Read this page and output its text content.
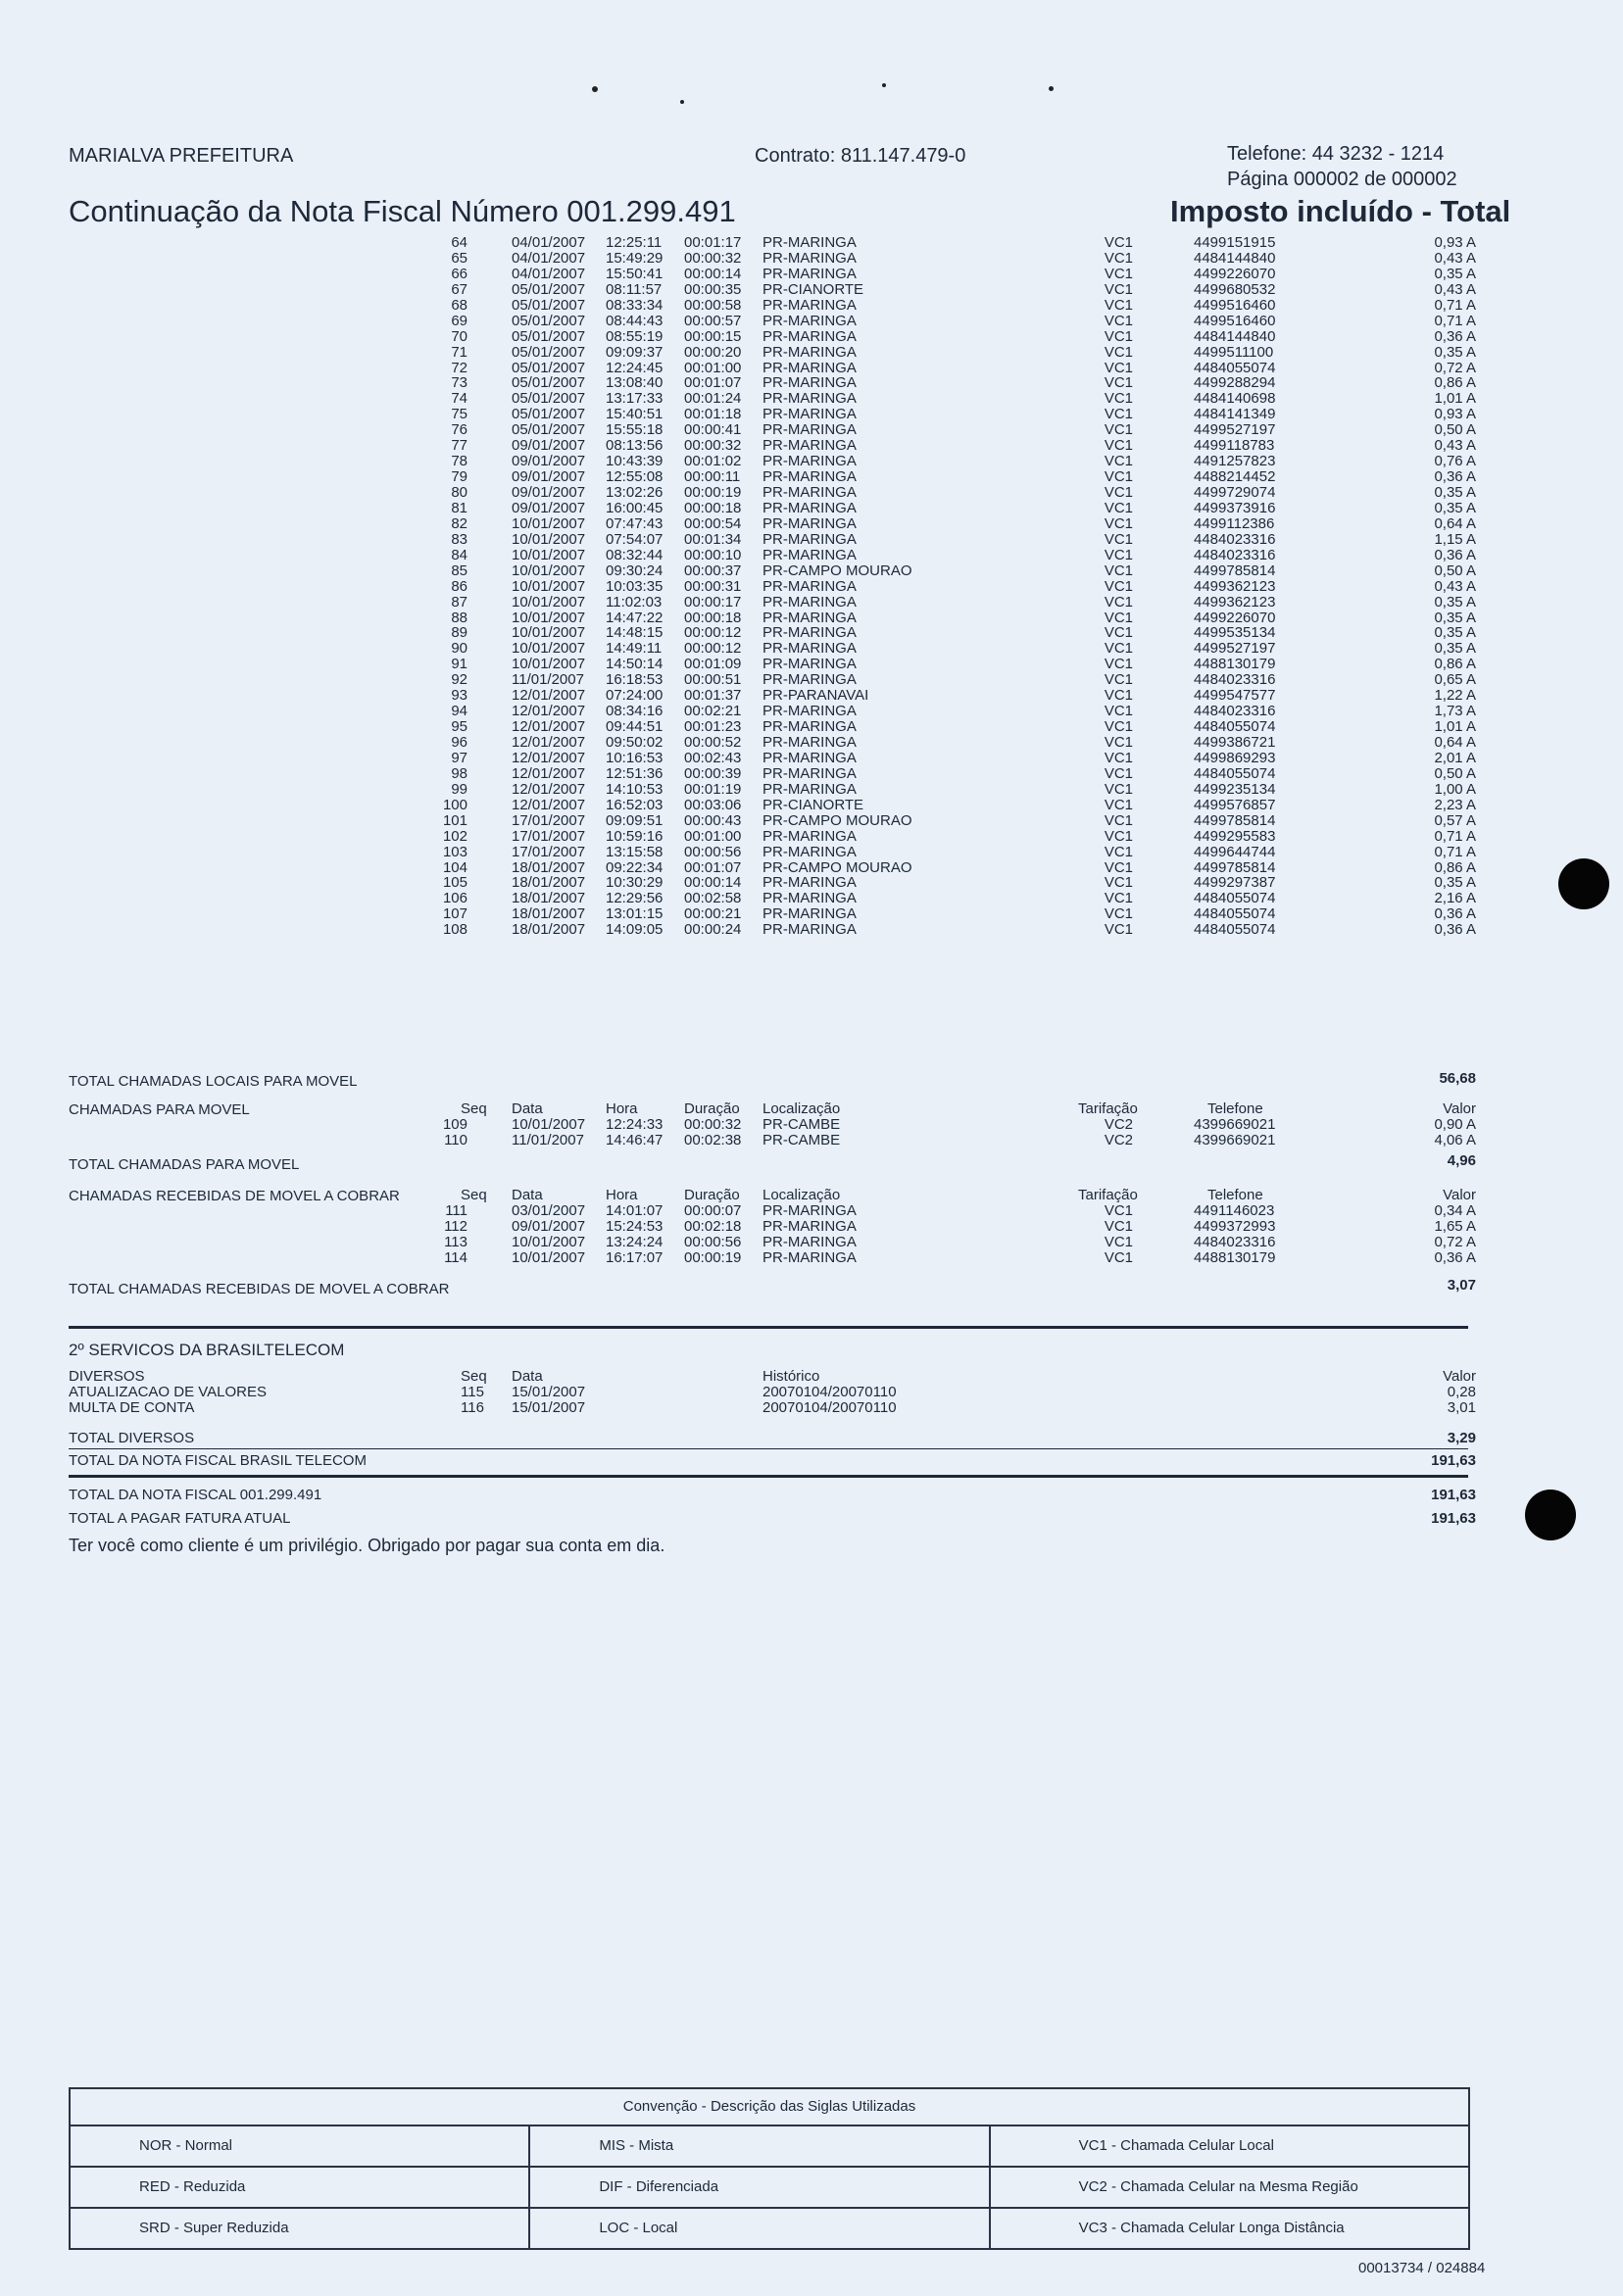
MARIALVA PREFEITURA	Contrato: 811.147.479-0	Telefone: 44 3232 - 1214
Página 000002 de 000002
Continuação da Nota Fiscal Número 001.299.491	Imposto incluído - Total
64	04/01/2007 12:25:11 00:01:17 PR-MARINGA	VC1	4499151915	0,93 A
65	04/01/2007 15:49:29 00:00:32 PR-MARINGA	VC1	4484144840	0,43 A
66	04/01/2007 15:50:41 00:00:14 PR-MARINGA	VC1	4499226070	0,35 A
67	05/01/2007 08:11:57 00:00:35 PR-CIANORTE	VC1	4499680532	0,43 A
68	05/01/2007 08:33:34 00:00:58 PR-MARINGA	VC1	4499516460	0,71 A
69	05/01/2007 08:44:43 00:00:57 PR-MARINGA	VC1	4499516460	0,71 A
70	05/01/2007 08:55:19 00:00:15 PR-MARINGA	VC1	4484144840	0,36 A
71	05/01/2007 09:09:37 00:00:20 PR-MARINGA	VC1	4499511100	0,35 A
72	05/01/2007 12:24:45 00:01:00 PR-MARINGA	VC1	4484055074	0,72 A
73	05/01/2007 13:08:40 00:01:07 PR-MARINGA	VC1	4499288294	0,86 A
74	05/01/2007 13:17:33 00:01:24 PR-MARINGA	VC1	4484140698	1,01 A
75	05/01/2007 15:40:51 00:01:18 PR-MARINGA	VC1	4484141349	0,93 A
76	05/01/2007 15:55:18 00:00:41 PR-MARINGA	VC1	4499527197	0,50 A
77	09/01/2007 08:13:56 00:00:32 PR-MARINGA	VC1	4499118783	0,43 A
78	09/01/2007 10:43:39 00:01:02 PR-MARINGA	VC1	4491257823	0,76 A
79	09/01/2007 12:55:08 00:00:11 PR-MARINGA	VC1	4488214452	0,36 A
80	09/01/2007 13:02:26 00:00:19 PR-MARINGA	VC1	4499729074	0,35 A
81	09/01/2007 16:00:45 00:00:18 PR-MARINGA	VC1	4499373916	0,35 A
82	10/01/2007 07:47:43 00:00:54 PR-MARINGA	VC1	4499112386	0,64 A
83	10/01/2007 07:54:07 00:01:34 PR-MARINGA	VC1	4484023316	1,15 A
84	10/01/2007 08:32:44 00:00:10 PR-MARINGA	VC1	4484023316	0,36 A
85	10/01/2007 09:30:24 00:00:37 PR-CAMPO MOURAO	VC1	4499785814	0,50 A
86	10/01/2007 10:03:35 00:00:31 PR-MARINGA	VC1	4499362123	0,43 A
87	10/01/2007 11:02:03 00:00:17 PR-MARINGA	VC1	4499362123	0,35 A
88	10/01/2007 14:47:22 00:00:18 PR-MARINGA	VC1	4499226070	0,35 A
89	10/01/2007 14:48:15 00:00:12 PR-MARINGA	VC1	4499535134	0,35 A
90	10/01/2007 14:49:11 00:00:12 PR-MARINGA	VC1	4499527197	0,35 A
91	10/01/2007 14:50:14 00:01:09 PR-MARINGA	VC1	4488130179	0,86 A
92	11/01/2007 16:18:53 00:00:51 PR-MARINGA	VC1	4484023316	0,65 A
93	12/01/2007 07:24:00 00:01:37 PR-PARANAVAI	VC1	4499547577	1,22 A
94	12/01/2007 08:34:16 00:02:21 PR-MARINGA	VC1	4484023316	1,73 A
95	12/01/2007 09:44:51 00:01:23 PR-MARINGA	VC1	4484055074	1,01 A
96	12/01/2007 09:50:02 00:00:52 PR-MARINGA	VC1	4499386721	0,64 A
97	12/01/2007 10:16:53 00:02:43 PR-MARINGA	VC1	4499869293	2,01 A
98	12/01/2007 12:51:36 00:00:39 PR-MARINGA	VC1	4484055074	0,50 A
99	12/01/2007 14:10:53 00:01:19 PR-MARINGA	VC1	4499235134	1,00 A
100	12/01/2007 16:52:03 00:03:06 PR-CIANORTE	VC1	4499576857	2,23 A
101	17/01/2007 09:09:51 00:00:43 PR-CAMPO MOURAO	VC1	4499785814	0,57 A
102	17/01/2007 10:59:16 00:01:00 PR-MARINGA	VC1	4499295583	0,71 A
103	17/01/2007 13:15:58 00:00:56 PR-MARINGA	VC1	4499644744	0,71 A
104	18/01/2007 09:22:34 00:01:07 PR-CAMPO MOURAO	VC1	4499785814	0,86 A
105	18/01/2007 10:30:29 00:00:14 PR-MARINGA	VC1	4499297387	0,35 A
106	18/01/2007 12:29:56 00:02:58 PR-MARINGA	VC1	4484055074	2,16 A
107	18/01/2007 13:01:15 00:00:21 PR-MARINGA	VC1	4484055074	0,36 A
108	18/01/2007 14:09:05 00:00:24 PR-MARINGA	VC1	4484055074	0,36 A
TOTAL CHAMADAS LOCAIS PARA MOVEL	56,68
CHAMADAS PARA MOVEL	Seq	Data	Hora	Duração Localização	Tarifação	Telefone	Valor
109	10/01/2007 12:24:33 00:00:32 PR-CAMBE	VC2	4399669021	0,90 A
110	11/01/2007 14:46:47 00:02:38 PR-CAMBE	VC2	4399669021	4,06 A
TOTAL CHAMADAS PARA MOVEL	4,96
CHAMADAS RECEBIDAS DE MOVEL A COBRAR	Seq	Data	Hora	Duração Localização	Tarifação	Telefone	Valor
111	03/01/2007 14:01:07 00:00:07 PR-MARINGA	VC1	4491146023	0,34 A
112	09/01/2007 15:24:53 00:02:18 PR-MARINGA	VC1	4499372993	1,65 A
113	10/01/2007 13:24:24 00:00:56 PR-MARINGA	VC1	4484023316	0,72 A
114	10/01/2007 16:17:07 00:00:19 PR-MARINGA	VC1	4488130179	0,36 A
TOTAL CHAMADAS RECEBIDAS DE MOVEL A COBRAR	3,07
2º SERVICOS DA BRASILTELECOM
DIVERSOS	Seq Data	Histórico	Valor
ATUALIZACAO DE VALORES	115 15/01/2007	20070104/20070110	0,28
MULTA DE CONTA	116 15/01/2007	20070104/20070110	3,01
TOTAL DIVERSOS	3,29
TOTAL DA NOTA FISCAL BRASIL TELECOM	191,63
TOTAL DA NOTA FISCAL 001.299.491	191,63
TOTAL A PAGAR FATURA ATUAL	191,63
Ter você como cliente é um privilégio. Obrigado por pagar sua conta em dia.
Convenção - Descrição das Siglas Utilizadas
NOR - Normal	MIS - Mista	VC1 - Chamada Celular Local
RED - Reduzida	DIF - Diferenciada	VC2 - Chamada Celular na Mesma Região
SRD - Super Reduzida	LOC - Local	VC3 - Chamada Celular Longa Distância
00013734 / 024884
